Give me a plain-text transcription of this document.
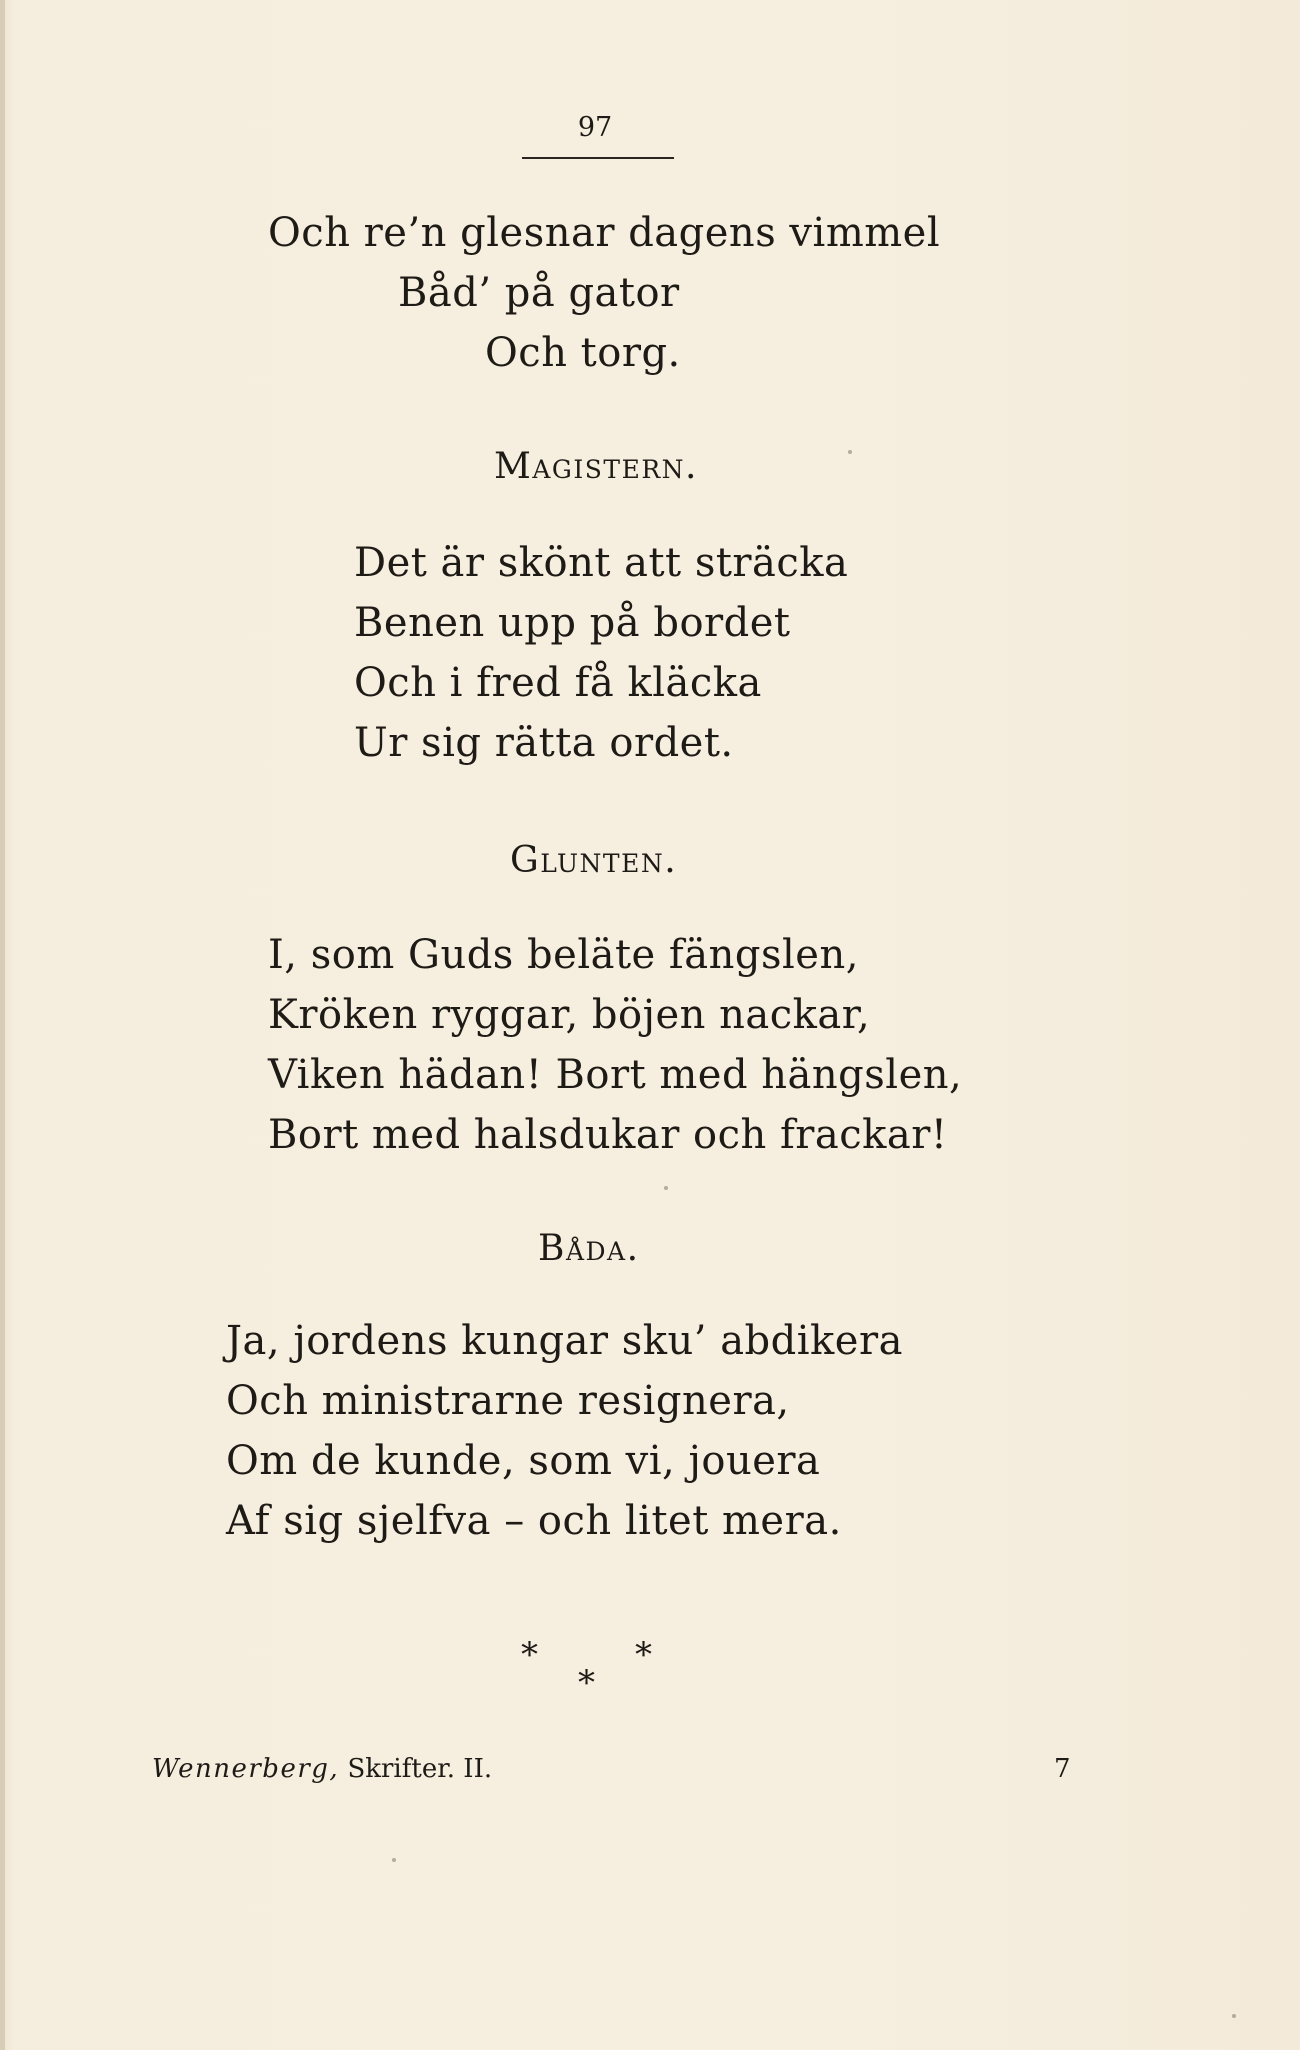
97
Och re’n glesnar dagens vimmel
Båd’ på gator
Och torg.
Magistern.
Det är skönt att sträcka
Benen upp på bordet
Och i fred få kläcka
Ur sig rätta ordet.
Glunten.
I, som Guds beläte fängslen,
Kröken ryggar, böjen nackar,
Viken hädan! Bort med hängslen,
Bort med halsdukar och frackar!
Båda.
Ja, jordens kungar sku’ abdikera
Och ministrarne resignera,
Om de kunde, som vi, jouera
Af sig sjelfva – och litet mera.
*	*
*
Wennerberg, Skrifter. II.	7
